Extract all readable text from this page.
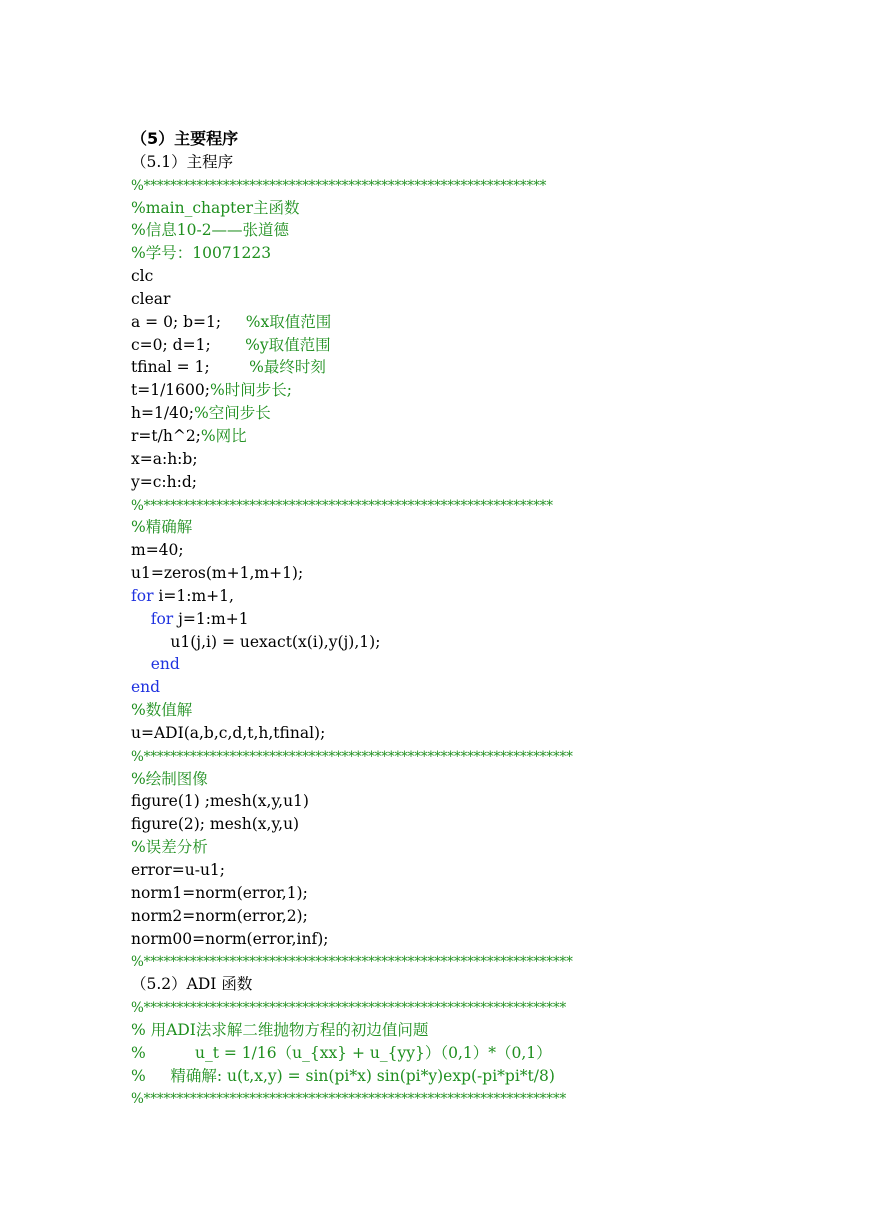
（5）主要程序
（5.1）主程序
%*************************************************************
%main_chapter主函数
%信息10-2——张道德
%学号：10071223
clc
clear
a = 0; b=1;     %x取值范围
c=0; d=1;       %y取值范围
tfinal = 1;        %最终时刻
t=1/1600;%时间步长;
h=1/40;%空间步长
r=t/h^2;%网比
x=a:h:b;
y=c:h:d;
%**************************************************************
%精确解
m=40;
u1=zeros(m+1,m+1);
for i=1:m+1,
for j=1:m+1
u1(j,i) = uexact(x(i),y(j),1);
end
end
%数值解
u=ADI(a,b,c,d,t,h,tfinal);
%*****************************************************************
%绘制图像
figure(1) ;mesh(x,y,u1)
figure(2); mesh(x,y,u)
%误差分析
error=u-u1;
norm1=norm(error,1);
norm2=norm(error,2);
norm00=norm(error,inf);
%*****************************************************************
（5.2）ADI 函数
%****************************************************************
% 用ADI法求解二维抛物方程的初边值问题
%          u_t = 1/16（u_{xx} + u_{yy}）（0,1）*（0,1）
%     精确解: u(t,x,y) = sin(pi*x) sin(pi*y)exp(-pi*pi*t/8)
%****************************************************************
